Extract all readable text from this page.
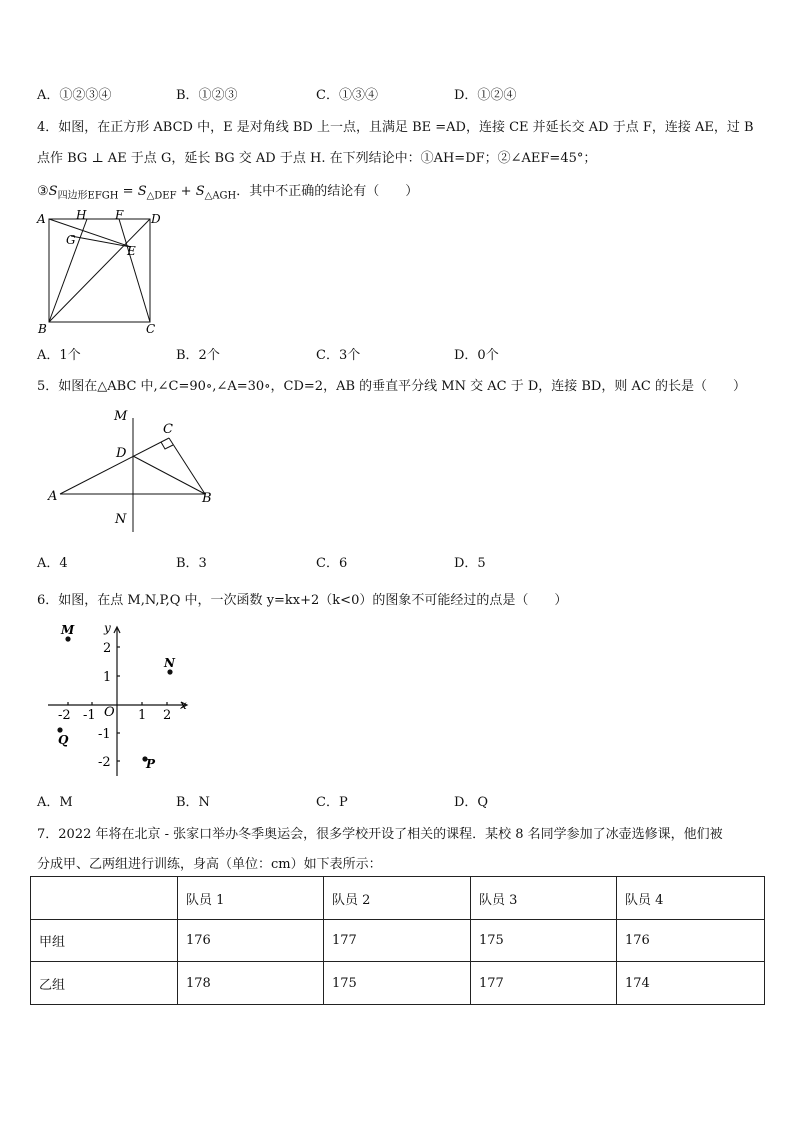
A．①②③④	B．①②③	C．①③④	D．①②④
4．如图，在正方形 ABCD 中，E 是对角线 BD 上一点，且满足 BE =AD，连接 CE 并延长交 AD 于点 F，连接 AE，过 B
点作 BG ⊥ AE 于点 G，延长 BG 交 AD 于点 H. 在下列结论中：①AH=DF；②∠AEF=45°；
$③S_{四边形EFGH} = S_{\triangle DEF} + S_{\triangle AGH}$．其中不正确的结论有（　　）
A	H F D
G
E
B	C
A．1个	B．2个	C．3个	D．0个
5．如图在△ABC 中,∠C=90∘,∠A=30∘，CD=2，AB 的垂直平分线 MN 交 AC 于 D，连接 BD，则 AC 的长是（　　）
M
C
D
A	B
N
A．4	B．3	C．6	D．5
6．如图，在点 M,N,P,Q 中，一次函数 y=kx+2（k<0）的图象不可能经过的点是（　　）
x
y
O
-2 -1	1 2
2
1
-1
-2
M
N
P
Q
A．M	B．N	C．P	D．Q
7．2022 年将在北京 - 张家口举办冬季奥运会，很多学校开设了相关的课程．某校 8 名同学参加了冰壶选修课，他们被
分成甲、乙两组进行训练，身高（单位：cm）如下表所示：
	队员 1	队员 2	队员 3	队员 4
甲组	176	177	175	176
乙组	178	175	177	174
